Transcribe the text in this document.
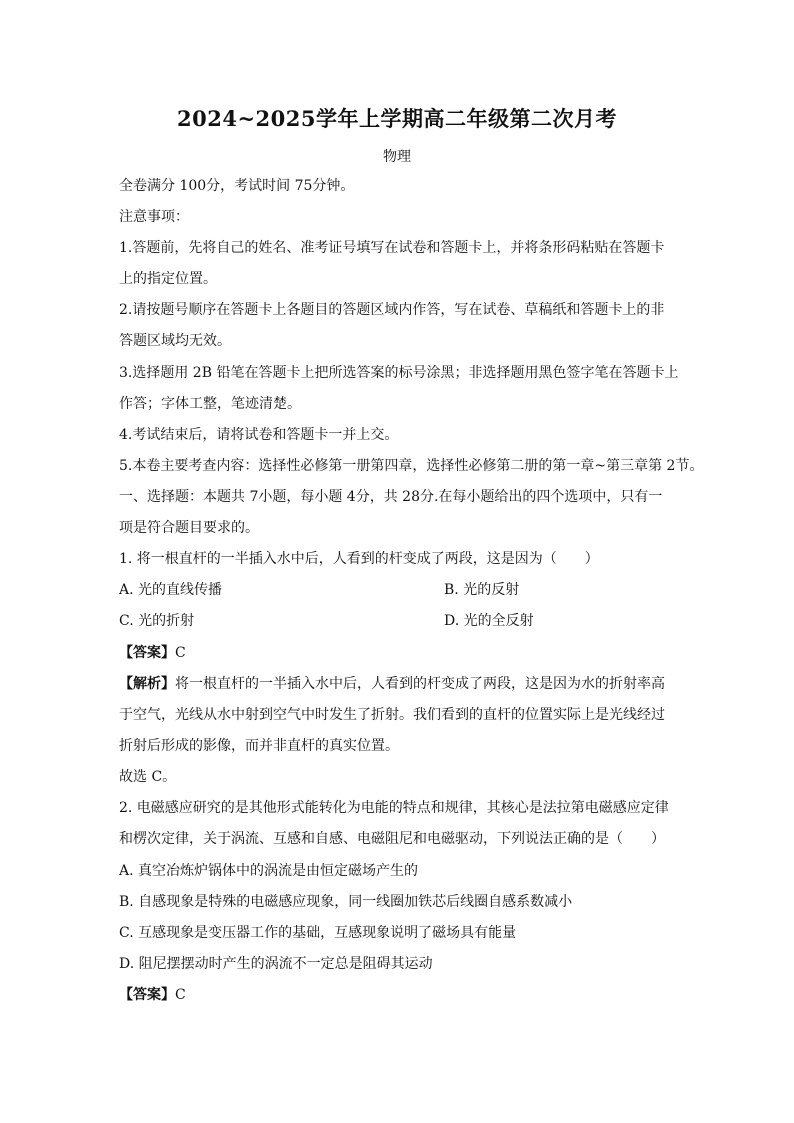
2024~2025学年上学期高二年级第二次月考
物理
全卷满分 100分，考试时间 75分钟。
注意事项：
1.答题前，先将自己的姓名、准考证号填写在试卷和答题卡上，并将条形码粘贴在答题卡
上的指定位置。
2.请按题号顺序在答题卡上各题目的答题区域内作答，写在试卷、草稿纸和答题卡上的非
答题区域均无效。
3.选择题用 2B 铅笔在答题卡上把所选答案的标号涂黑；非选择题用黑色签字笔在答题卡上
作答；字体工整，笔迹清楚。
4.考试结束后，请将试卷和答题卡一并上交。
5.本卷主要考查内容：选择性必修第一册第四章，选择性必修第二册的第一章~第三章第 2节。
一、选择题：本题共 7小题，每小题 4分，共 28分.在每小题给出的四个选项中，只有一
项是符合题目要求的。
1. 将一根直杆的一半插入水中后，人看到的杆变成了两段，这是因为（　　）
A. 光的直线传播	B. 光的反射
C. 光的折射	D. 光的全反射
【答案】C
【解析】将一根直杆的一半插入水中后，人看到的杆变成了两段，这是因为水的折射率高
于空气，光线从水中射到空气中时发生了折射。我们看到的直杆的位置实际上是光线经过
折射后形成的影像，而并非直杆的真实位置。
故选 C。
2. 电磁感应研究的是其他形式能转化为电能的特点和规律，其核心是法拉第电磁感应定律
和楞次定律，关于涡流、互感和自感、电磁阻尼和电磁驱动，下列说法正确的是（　　）
A. 真空冶炼炉锅体中的涡流是由恒定磁场产生的
B. 自感现象是特殊的电磁感应现象，同一线圈加铁芯后线圈自感系数减小
C. 互感现象是变压器工作的基础，互感现象说明了磁场具有能量
D. 阻尼摆摆动时产生的涡流不一定总是阻碍其运动
【答案】C
